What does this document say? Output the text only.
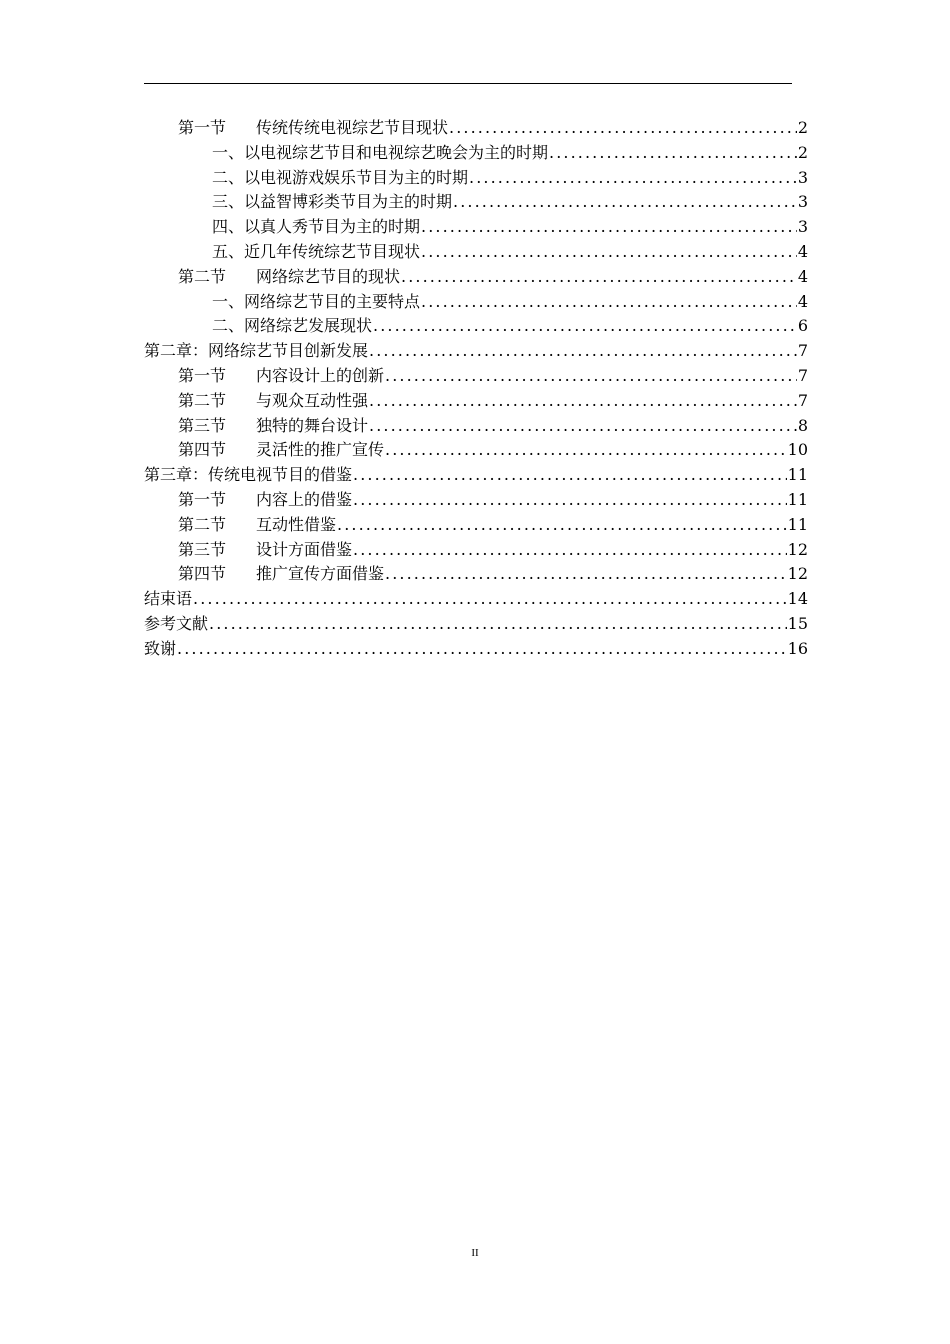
第一节	传统传统电视综艺节目现状 .....	2
一、以电视综艺节目和电视综艺晚会为主的时期 .....	2
二、以电视游戏娱乐节目为主的时期 .....	3
三、以益智博彩类节目为主的时期 .....	3
四、以真人秀节目为主的时期 .....	3
五、近几年传统综艺节目现状 .....	4
第二节	网络综艺节目的现状 .....	4
一、网络综艺节目的主要特点 .....	4
二、网络综艺发展现状 .....	6
第二章：网络综艺节目创新发展 .....	7
第一节	内容设计上的创新 .....	7
第二节	与观众互动性强 .....	7
第三节	独特的舞台设计 .....	8
第四节	灵活性的推广宣传 .....	10
第三章：传统电视节目的借鉴 .....	11
第一节	内容上的借鉴 .....	11
第二节	互动性借鉴 .....	11
第三节	设计方面借鉴 .....	12
第四节	推广宣传方面借鉴 .....	12
结束语 .....	14
参考文献 .....	15
致谢 .....	16
II
